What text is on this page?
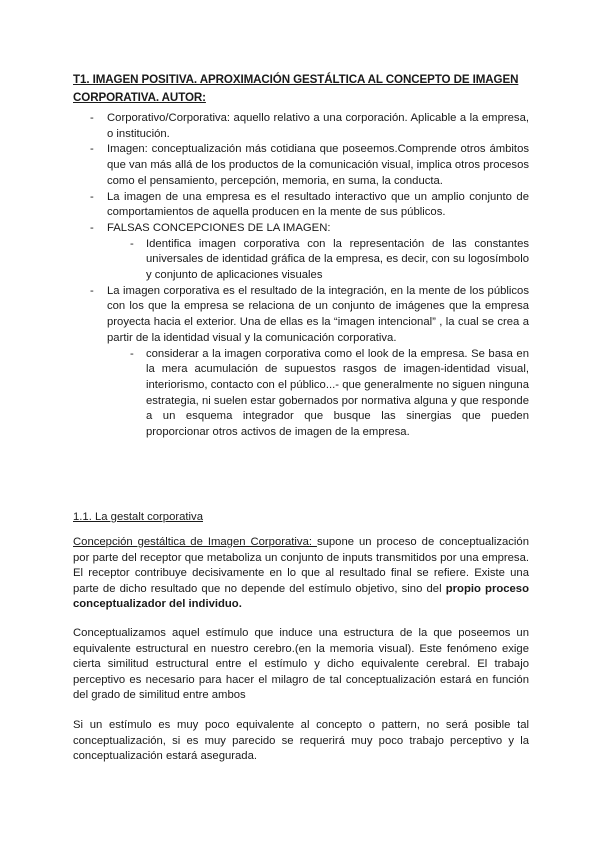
T1. IMAGEN POSITIVA. APROXIMACIÓN GESTÁLTICA AL CONCEPTO DE IMAGEN CORPORATIVA. AUTOR:
- Corporativo/Corporativa: aquello relativo a una corporación. Aplicable a la empresa, o institución.
- Imagen: conceptualización más cotidiana que poseemos.Comprende otros ámbitos que van más allá de los productos de la comunicación visual, implica otros procesos como el pensamiento, percepción, memoria, en suma, la conducta.
- La imagen de una empresa es el resultado interactivo que un amplio conjunto de comportamientos de aquella producen en la mente de sus públicos.
- FALSAS CONCEPCIONES DE LA IMAGEN:
- Identifica imagen corporativa con la representación de las constantes universales de identidad gráfica de la empresa, es decir, con su logosímbolo y conjunto de aplicaciones visuales
- La imagen corporativa es el resultado de la integración, en la mente de los públicos con los que la empresa se relaciona de un conjunto de imágenes que la empresa proyecta hacia el exterior. Una de ellas es la “imagen intencional” , la cual se crea a partir de la identidad visual y la comunicación corporativa.
- considerar a la imagen corporativa como el look de la empresa. Se basa en la mera acumulación de supuestos rasgos de imagen-identidad visual, interiorismo, contacto con el público...- que generalmente no siguen ninguna estrategia, ni suelen estar gobernados por normativa alguna y que responde a un esquema integrador que busque las sinergias que pueden proporcionar otros activos de imagen de la empresa.
1.1. La gestalt corporativa
Concepción gestáltica de Imagen Corporativa: supone un proceso de conceptualización por parte del receptor que metaboliza un conjunto de inputs transmitidos por una empresa. El receptor contribuye decisivamente en lo que al resultado final se refiere. Existe una parte de dicho resultado que no depende del estímulo objetivo, sino del propio proceso conceptualizador del individuo.
Conceptualizamos aquel estímulo que induce una estructura de la que poseemos un equivalente estructural en nuestro cerebro.(en la memoria visual). Este fenómeno exige cierta similitud estructural entre el estímulo y dicho equivalente cerebral. El trabajo perceptivo es necesario para hacer el milagro de tal conceptualización estará en función del grado de similitud entre ambos
Si un estímulo es muy poco equivalente al concepto o pattern, no será posible tal conceptualización, si es muy parecido se requerirá muy poco trabajo perceptivo y la conceptualización estará asegurada.
